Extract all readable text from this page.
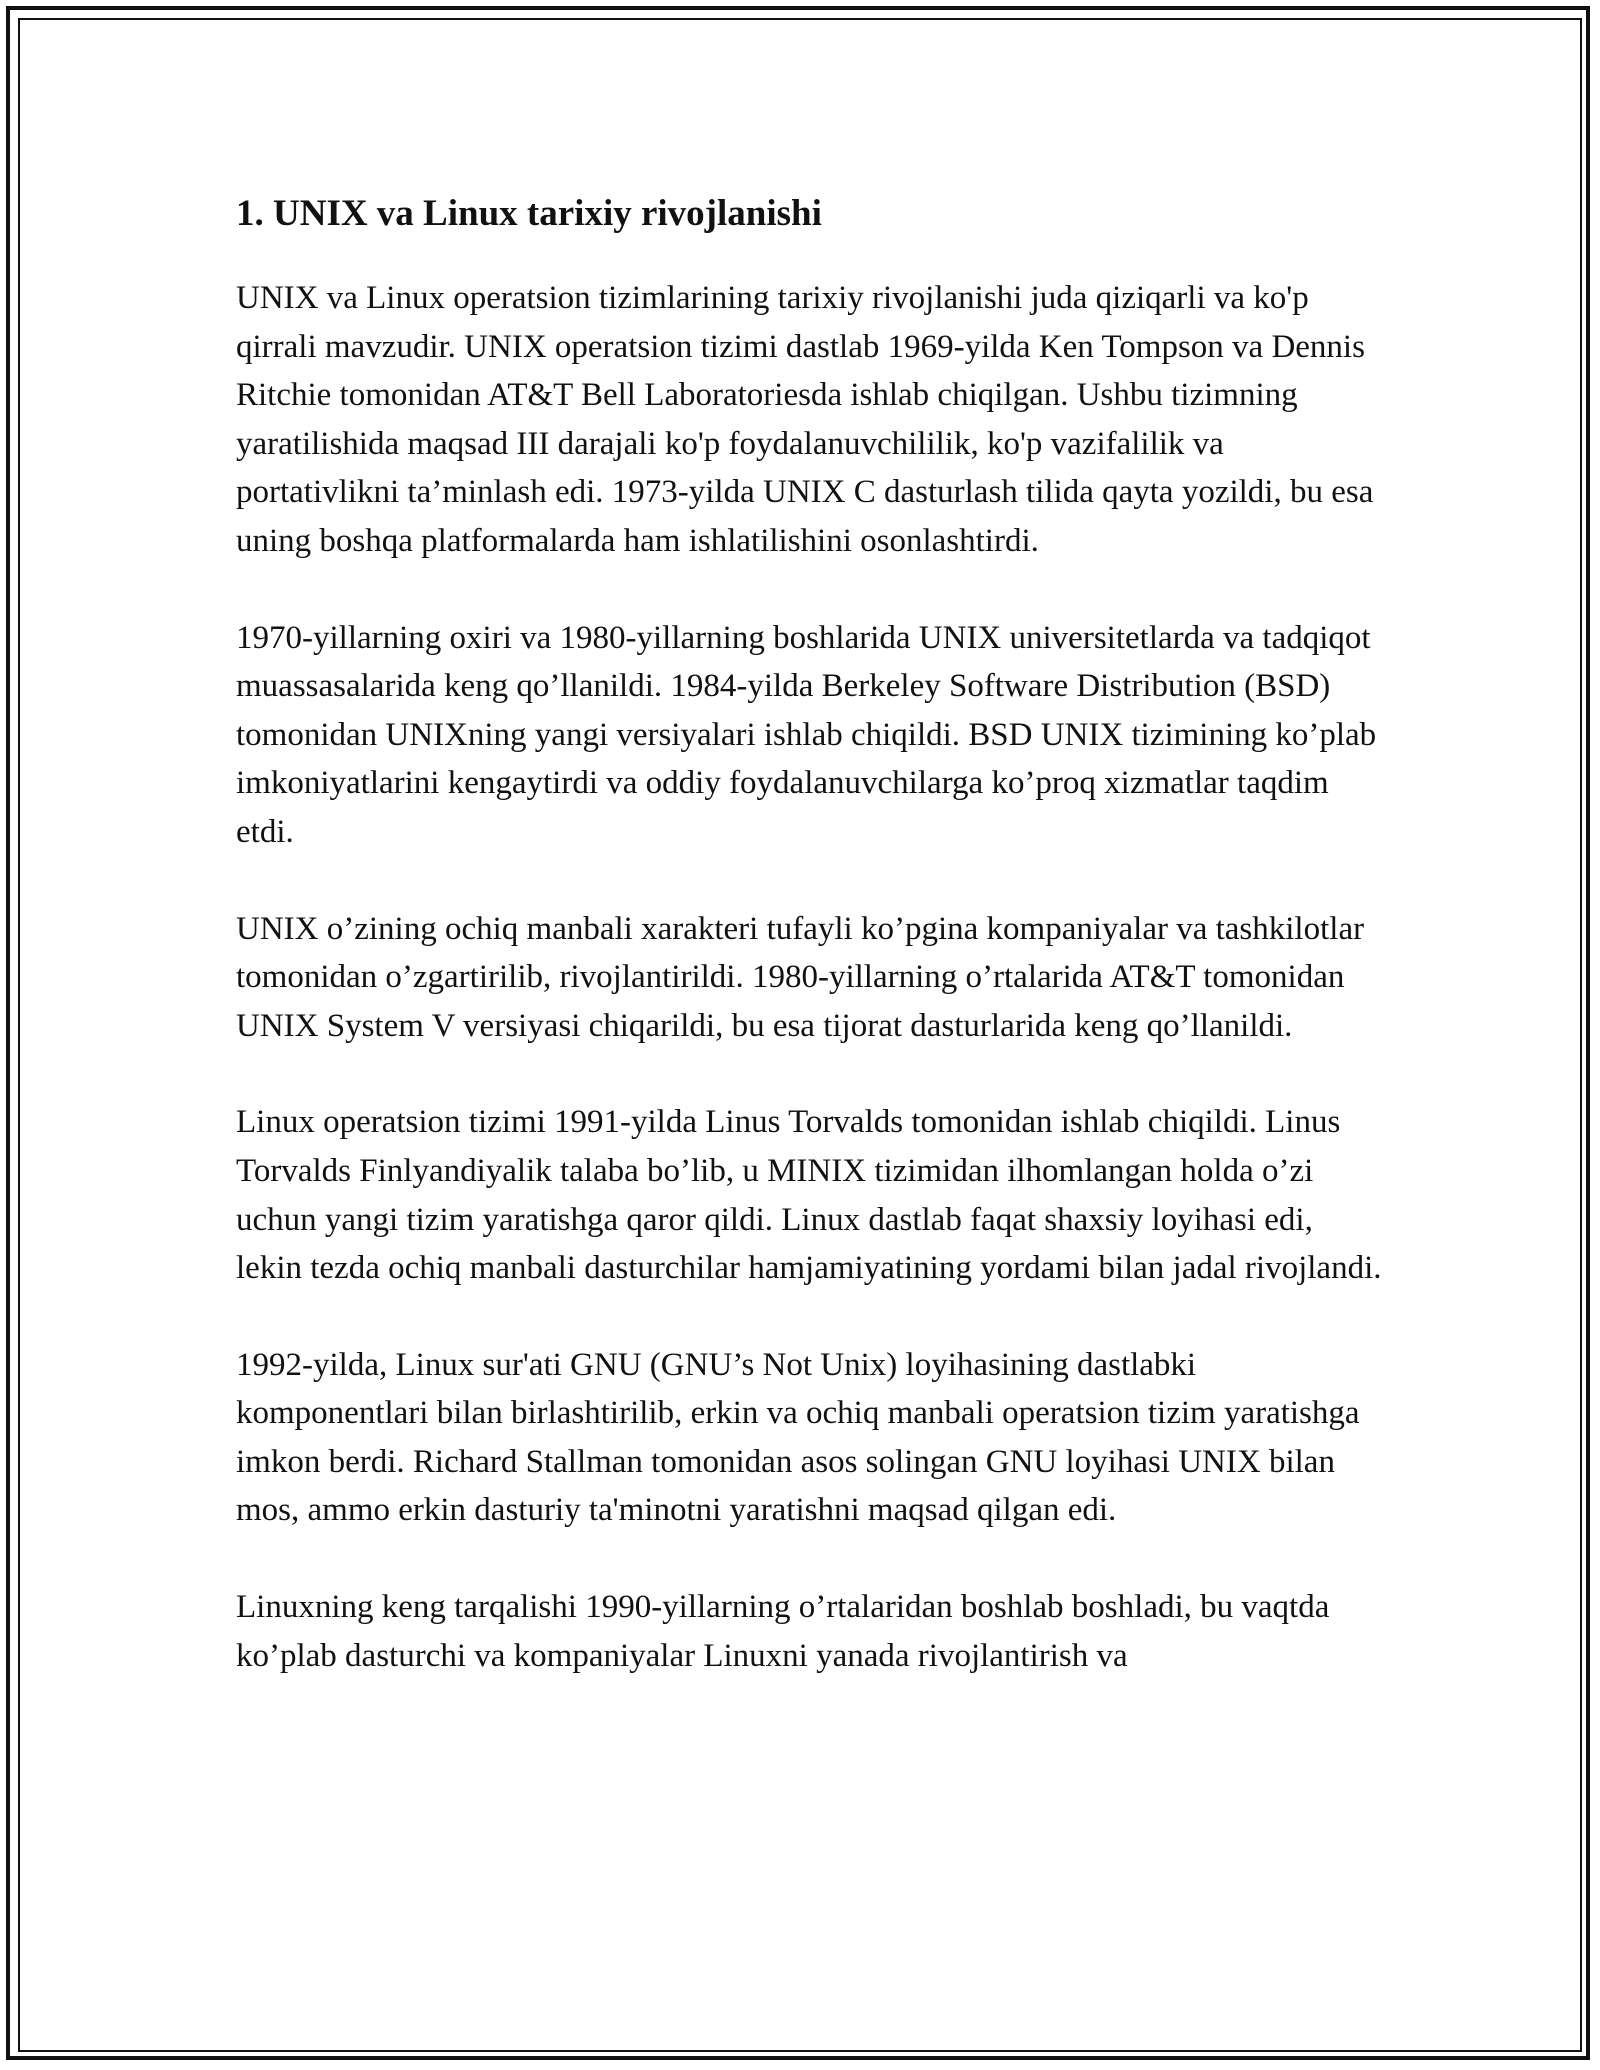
1. UNIX va Linux tarixiy rivojlanishi

UNIX va Linux operatsion tizimlarining tarixiy rivojlanishi juda qiziqarli va ko'p qirrali mavzudir. UNIX operatsion tizimi dastlab 1969-yilda Ken Tompson va Dennis Ritchie tomonidan AT&T Bell Laboratoriesda ishlab chiqilgan. Ushbu tizimning yaratilishida maqsad III darajali ko'p foydalanuvchililik, ko'p vazifalilik va portativlikni ta’minlash edi. 1973-yilda UNIX C dasturlash tilida qayta yozildi, bu esa uning boshqa platformalarda ham ishlatilishini osonlashtirdi.

1970-yillarning oxiri va 1980-yillarning boshlarida UNIX universitetlarda va tadqiqot muassasalarida keng qo’llanildi. 1984-yilda Berkeley Software Distribution (BSD) tomonidan UNIXning yangi versiyalari ishlab chiqildi. BSD UNIX tizimining ko’plab imkoniyatlarini kengaytirdi va oddiy foydalanuvchilarga ko’proq xizmatlar taqdim etdi.

UNIX o’zining ochiq manbali xarakteri tufayli ko’pgina kompaniyalar va tashkilotlar tomonidan o’zgartirilib, rivojlantirildi. 1980-yillarning o’rtalarida AT&T tomonidan UNIX System V versiyasi chiqarildi, bu esa tijorat dasturlarida keng qo’llanildi.

Linux operatsion tizimi 1991-yilda Linus Torvalds tomonidan ishlab chiqildi. Linus Torvalds Finlyandiyalik talaba bo’lib, u MINIX tizimidan ilhomlangan holda o’zi uchun yangi tizim yaratishga qaror qildi. Linux dastlab faqat shaxsiy loyihasi edi, lekin tezda ochiq manbali dasturchilar hamjamiyatining yordami bilan jadal rivojlandi.

1992-yilda, Linux sur'ati GNU (GNU’s Not Unix) loyihasining dastlabki komponentlari bilan birlashtirilib, erkin va ochiq manbali operatsion tizim yaratishga imkon berdi. Richard Stallman tomonidan asos solingan GNU loyihasi UNIX bilan mos, ammo erkin dasturiy ta'minotni yaratishni maqsad qilgan edi.

Linuxning keng tarqalishi 1990-yillarning o’rtalaridan boshlab boshladi, bu vaqtda ko’plab dasturchi va kompaniyalar Linuxni yanada rivojlantirish va
